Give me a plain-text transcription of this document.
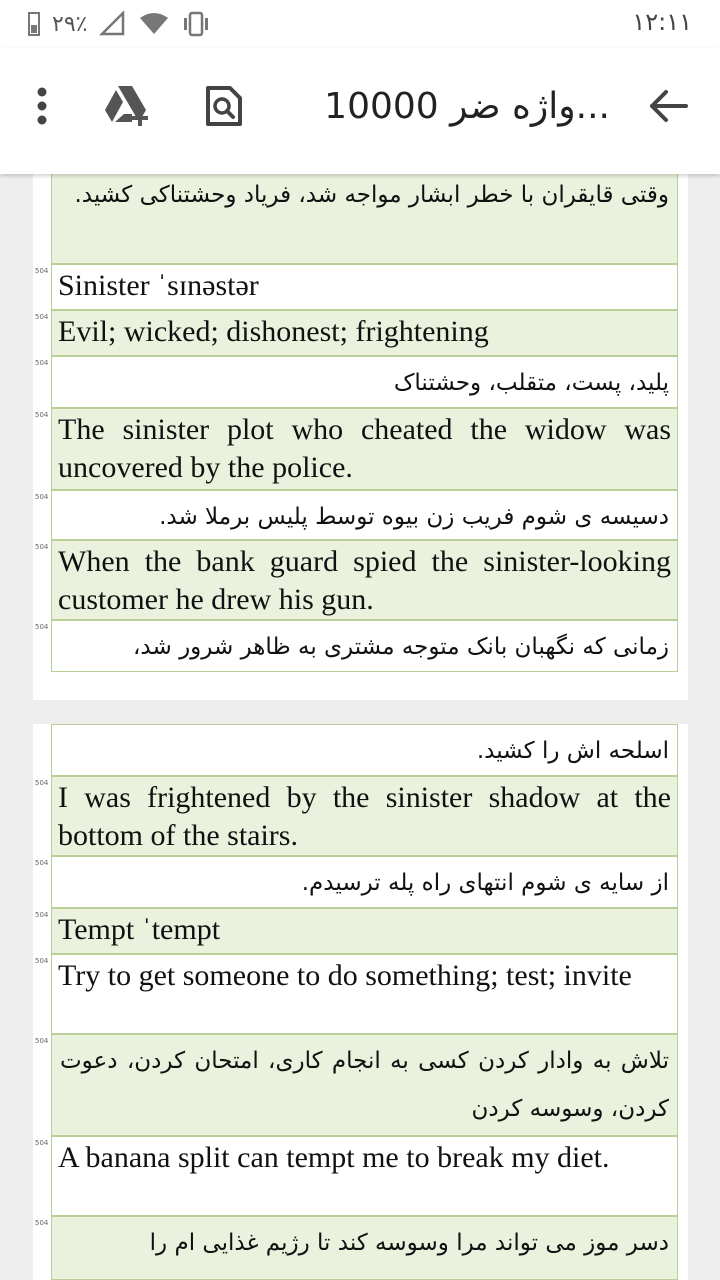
۲۹٪	۱۲:۱۱
10000 واژه ضر...
وقتی قایقران با خطر ابشار مواجه شد، فریاد وحشتناکی کشید.
504 Sinister ˈsɪnəstər
504 Evil; wicked; dishonest; frightening
504
پلید، پست، متقلب، وحشتناک
504 The sinister plot who cheated the widow was uncovered by the police.
504
دسیسه ی شوم فریب زن بیوه توسط پلیس برملا شد.
504 When the bank guard spied the sinister-looking customer he drew his gun.
504
زمانی که نگهبان بانک متوجه مشتری به ظاهر شرور شد،
اسلحه اش را کشید.
504 I was frightened by the sinister shadow at the bottom of the stairs.
504
از سایه ی شوم انتهای راه پله ترسیدم.
504 Tempt ˈtempt
504 Try to get someone to do something; test; invite
504
تلاش به وادار کردن کسی به انجام کاری، امتحان کردن، دعوت کردن، وسوسه کردن
504 A banana split can tempt me to break my diet.
504
دسر موز می تواند مرا وسوسه کند تا رژیم غذایی ام را
